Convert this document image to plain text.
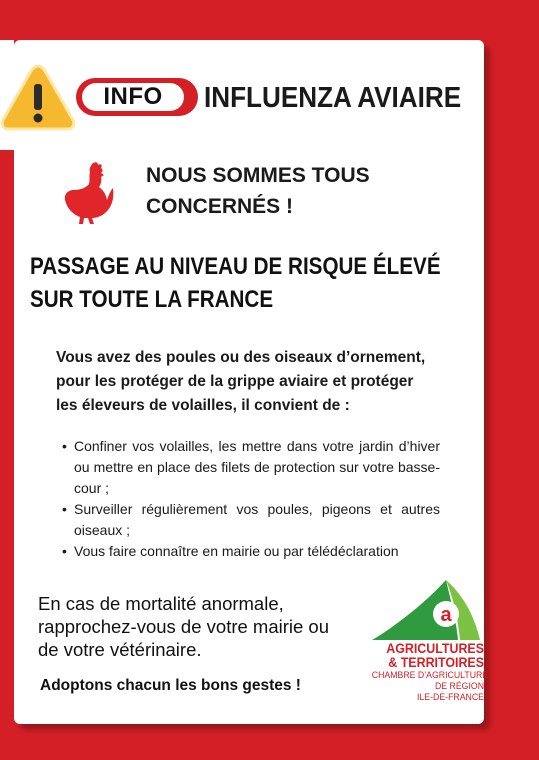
INFO INFLUENZA AVIAIRE
NOUS SOMMES TOUS
CONCERNÉS !
PASSAGE AU NIVEAU DE RISQUE ÉLEVÉ
SUR TOUTE LA FRANCE
Vous avez des poules ou des oiseaux d’ornement,
pour les protéger de la grippe aviaire et protéger
les éleveurs de volailles, il convient de :
• Confiner vos volailles, les mettre dans votre jardin d’hiver ou mettre en place des filets de protection sur votre basse-cour ;
• Surveiller régulièrement vos poules, pigeons et autres oiseaux ;
• Vous faire connaître en mairie ou par télédéclaration
En cas de mortalité anormale,
rapprochez-vous de votre mairie ou
de votre vétérinaire.
Adoptons chacun les bons gestes !
a
AGRICULTURES
& TERRITOIRES
CHAMBRE D’AGRICULTURE
DE RÉGION
ILE-DE-FRANCE
